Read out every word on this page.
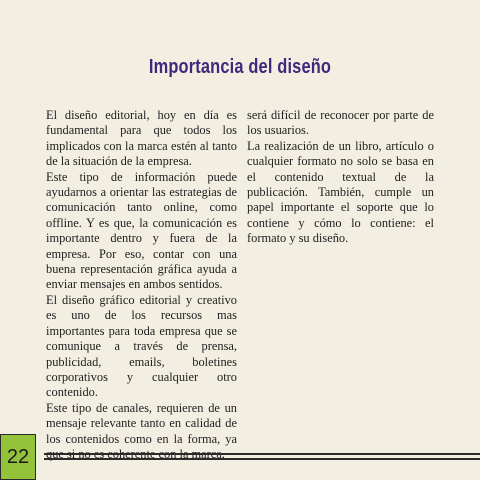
Importancia del diseño

El diseño editorial, hoy en día es fundamental para que todos los implicados con la marca estén al tanto de la situación de la empresa.

Este tipo de información puede ayudarnos a orientar las estrategias de comunicación tanto online, como offline. Y es que, la comunicación es importante dentro y fuera de la empresa. Por eso, contar con una buena representación gráfica ayuda a enviar mensajes en ambos sentidos.

El diseño gráfico editorial y creativo es uno de los recursos mas importantes para toda empresa que se comunique a través de prensa, publicidad, emails, boletines corporativos y cualquier otro contenido.

Este tipo de canales, requieren de un mensaje relevante tanto en calidad de los contenidos como en la forma, ya

será difícil de reconocer por parte de los usuarios.

La realización de un libro, artículo o cualquier formato no solo se basa en el contenido textual de la publicación. También, cumple un papel importante el soporte que lo contiene y cómo lo contiene: el formato y su diseño.

22
